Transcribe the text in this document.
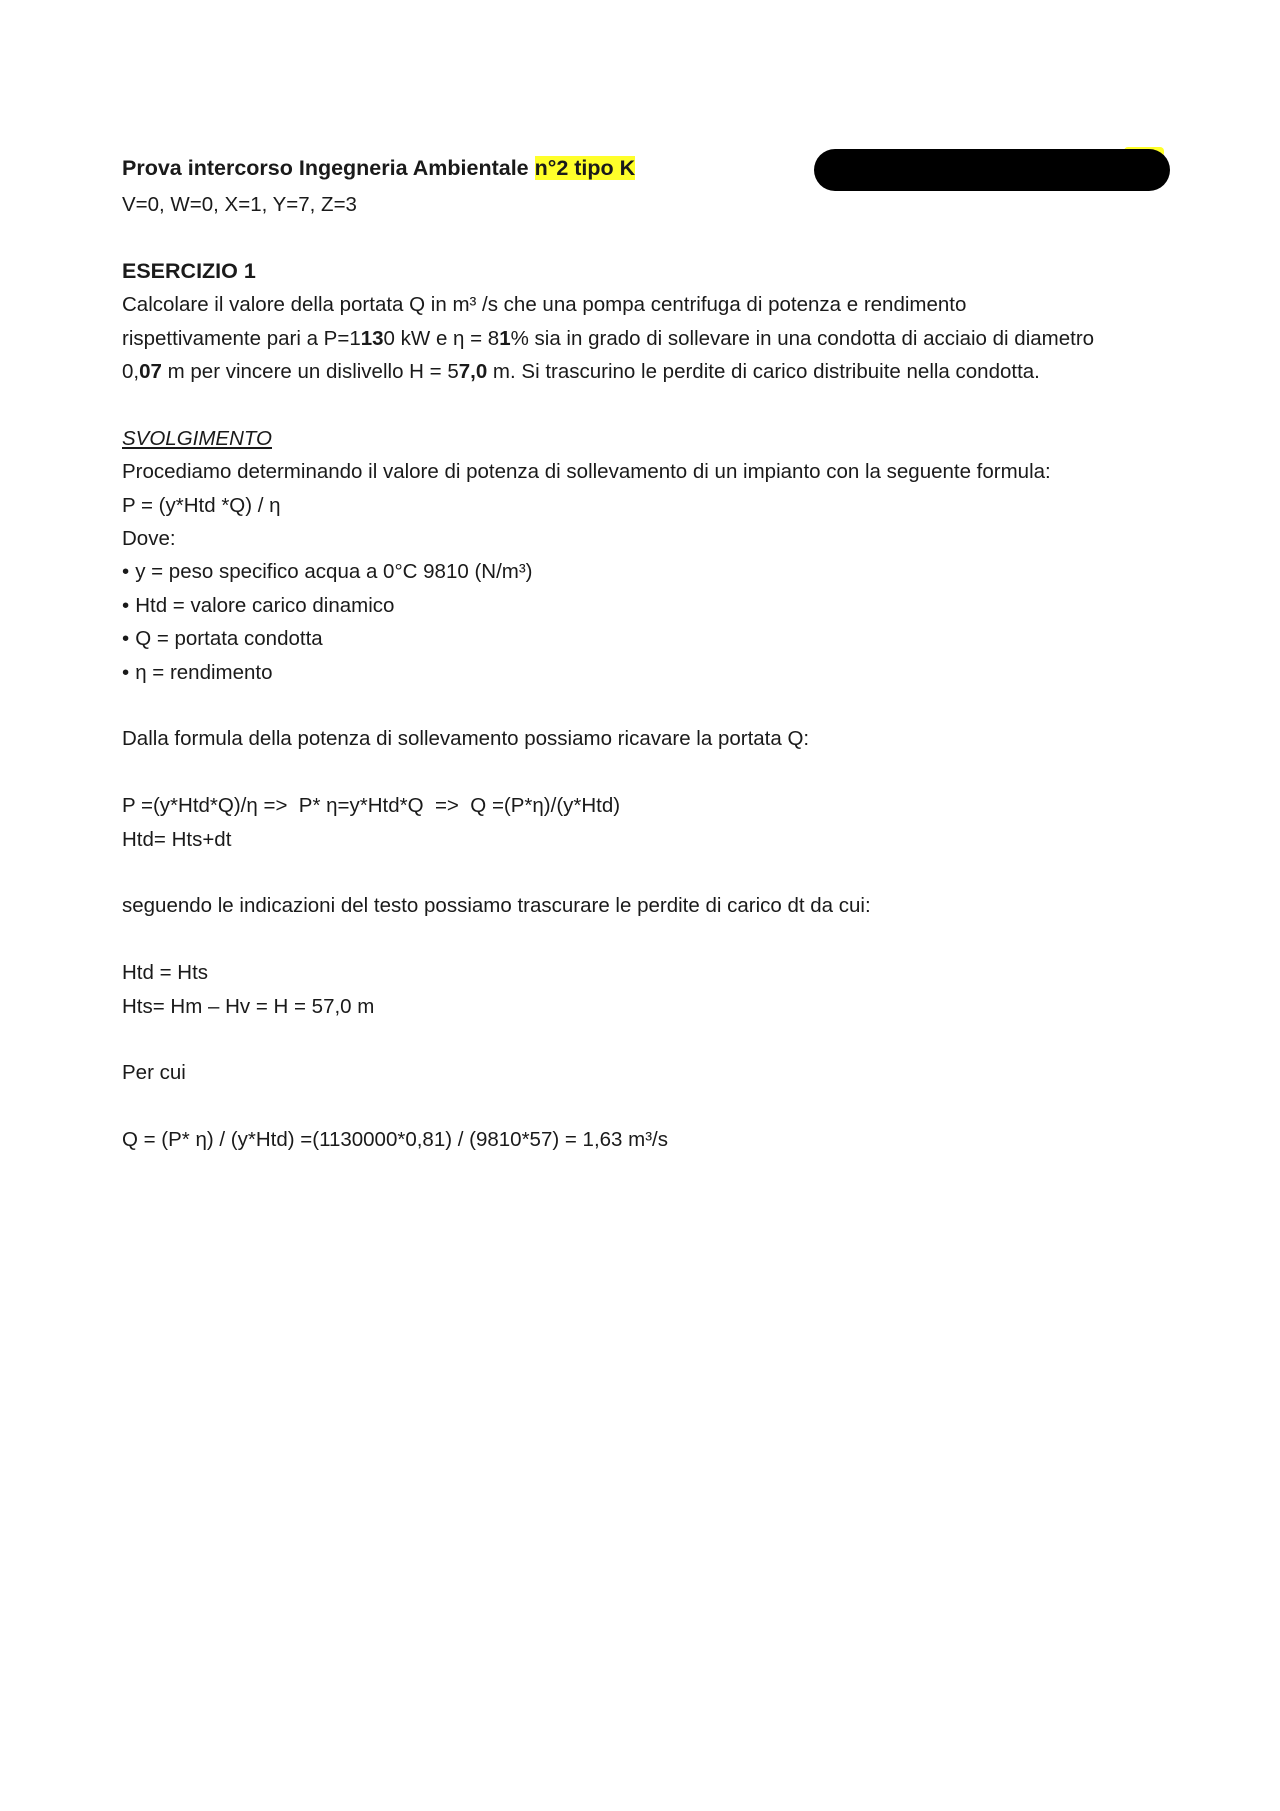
Prova intercorso Ingegneria Ambientale n°2 tipo K
V=0, W=0, X=1, Y=7, Z=3
ESERCIZIO 1
Calcolare il valore della portata Q in m³ /s che una pompa centrifuga di potenza e rendimento
rispettivamente pari a P=1130 kW e η = 81% sia in grado di sollevare in una condotta di acciaio di diametro
0,07 m per vincere un dislivello H = 57,0 m. Si trascurino le perdite di carico distribuite nella condotta.
SVOLGIMENTO
Procediamo determinando il valore di potenza di sollevamento di un impianto con la seguente formula:
P = (y*Htd *Q) / η
Dove:
• y = peso specifico acqua a 0°C 9810 (N/m³)
• Htd = valore carico dinamico
• Q = portata condotta
• η = rendimento
Dalla formula della potenza di sollevamento possiamo ricavare la portata Q:
P =(y*Htd*Q)/η =>  P* η=y*Htd*Q  =>  Q =(P*η)/(y*Htd)
Htd= Hts+dt
seguendo le indicazioni del testo possiamo trascurare le perdite di carico dt da cui:
Htd = Hts
Hts= Hm – Hv = H = 57,0 m
Per cui
Q = (P* η) / (y*Htd) =(1130000*0,81) / (9810*57) = 1,63 m³/s
